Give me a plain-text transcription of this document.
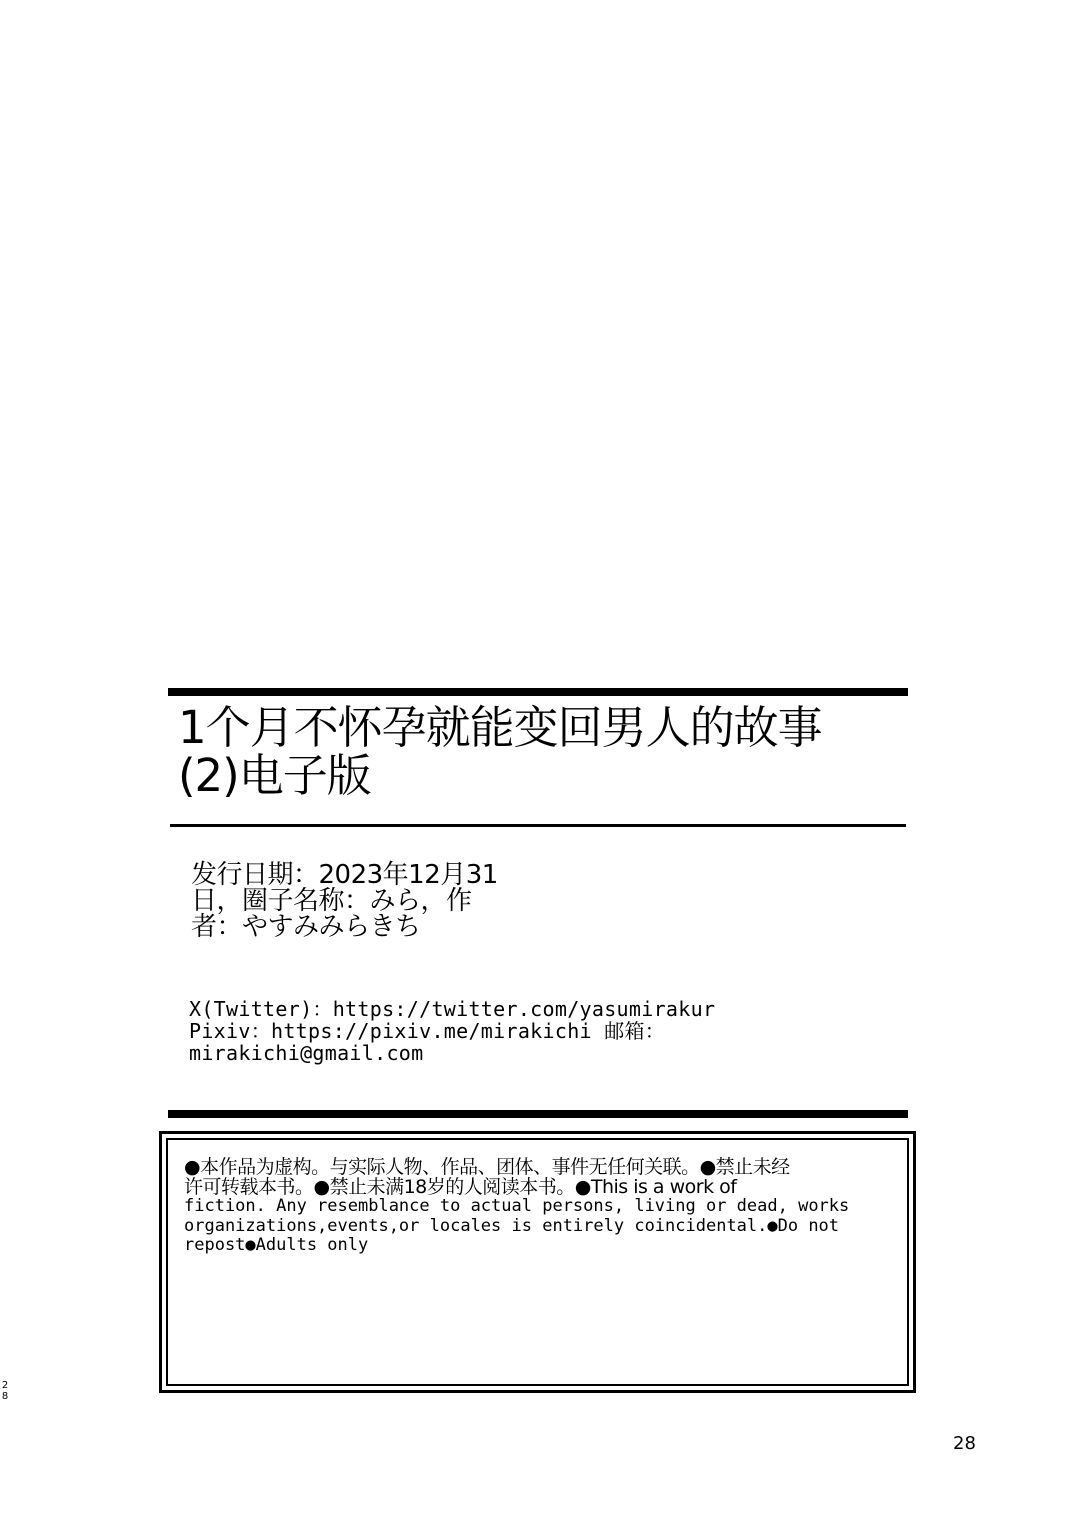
1个月不怀孕就能变回男人的故事
(2)电子版
发行日期：2023年12月31
日，圈子名称：みら，作
者：やすみみらきち
X(Twitter)：https://twitter.com/yasumirakur
Pixiv：https://pixiv.me/mirakichi 邮箱：
mirakichi@gmail.com
●本作品为虚构。与实际人物、作品、团体、事件无任何关联。●禁止未经
许可转载本书。●禁止未满18岁的人阅读本书。●This is a work of
fiction. Any resemblance to actual persons, living or dead, works
organizations,events,or locales is entirely coincidental.●Do not
repost●Adults only
2
8
28
